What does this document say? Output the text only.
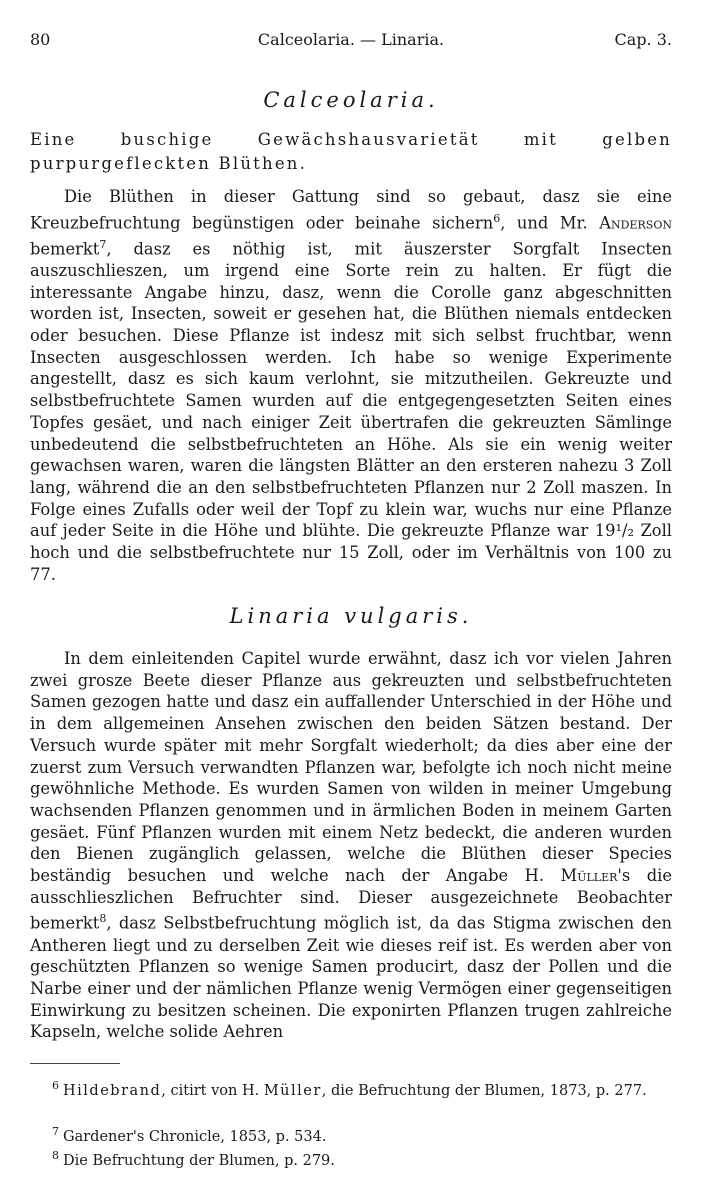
80	Calceolaria. — Linaria.	Cap. 3.
Calceolaria.
Eine buschige Gewächshausvarietät mit gelben purpurgefleckten Blüthen.

Die Blüthen in dieser Gattung sind so gebaut, dasz sie eine Kreuzbefruchtung begünstigen oder beinahe sichern$^6$, und Mr. Anderson bemerkt$^7$, dasz es nöthig ist, mit äuszerster Sorgfalt Insecten auszuschlieszen, um irgend eine Sorte rein zu halten. Er fügt die interessante Angabe hinzu, dasz, wenn die Corolle ganz abgeschnitten worden ist, Insecten, soweit er gesehen hat, die Blüthen niemals entdecken oder besuchen. Diese Pflanze ist indesz mit sich selbst fruchtbar, wenn Insecten ausgeschlossen werden. Ich habe so wenige Experimente angestellt, dasz es sich kaum verlohnt, sie mitzutheilen. Gekreuzte und selbstbefruchtete Samen wurden auf die entgegengesetzten Seiten eines Topfes gesäet, und nach einiger Zeit übertrafen die gekreuzten Sämlinge unbedeutend die selbstbefruchteten an Höhe. Als sie ein wenig weiter gewachsen waren, waren die längsten Blätter an den ersteren nahezu 3 Zoll lang, während die an den selbstbefruchteten Pflanzen nur 2 Zoll maszen. In Folge eines Zufalls oder weil der Topf zu klein war, wuchs nur eine Pflanze auf jeder Seite in die Höhe und blühte. Die gekreuzte Pflanze war 19¹/₂ Zoll hoch und die selbstbefruchtete nur 15 Zoll, oder im Verhältnis von 100 zu 77.

Linaria vulgaris.

In dem einleitenden Capitel wurde erwähnt, dasz ich vor vielen Jahren zwei grosze Beete dieser Pflanze aus gekreuzten und selbstbefruchteten Samen gezogen hatte und dasz ein auffallender Unterschied in der Höhe und in dem allgemeinen Ansehen zwischen den beiden Sätzen bestand. Der Versuch wurde später mit mehr Sorgfalt wiederholt; da dies aber eine der zuerst zum Versuch verwandten Pflanzen war, befolgte ich noch nicht meine gewöhnliche Methode. Es wurden Samen von wilden in meiner Umgebung wachsenden Pflanzen genommen und in ärmlichen Boden in meinem Garten gesäet. Fünf Pflanzen wurden mit einem Netz bedeckt, die anderen wurden den Bienen zugänglich gelassen, welche die Blüthen dieser Species beständig besuchen und welche nach der Angabe H. Müller's die ausschlieszlichen Befruchter sind. Dieser ausgezeichnete Beobachter bemerkt$^8$, dasz Selbstbefruchtung möglich ist, da das Stigma zwischen den Antheren liegt und zu derselben Zeit wie dieses reif ist. Es werden aber von geschützten Pflanzen so wenige Samen producirt, dasz der Pollen und die Narbe einer und der nämlichen Pflanze wenig Vermögen einer gegenseitigen Einwirkung zu besitzen scheinen. Die exponirten Pflanzen trugen zahlreiche Kapseln, welche solide Aehren

$^6$ Hildebrand, citirt von H. Müller, die Befruchtung der Blumen, 1873, p. 277.

$^7$ Gardener's Chronicle, 1853, p. 534.

$^8$ Die Befruchtung der Blumen, p. 279.
